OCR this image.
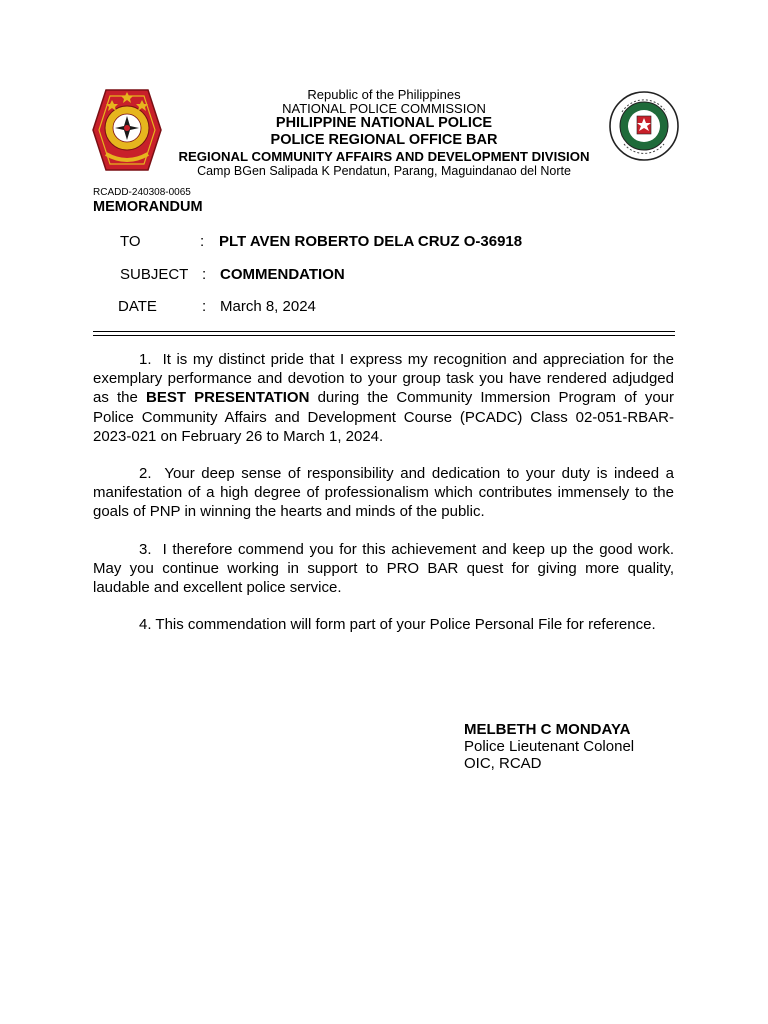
Republic of the Philippines
NATIONAL POLICE COMMISSION
PHILIPPINE NATIONAL POLICE
POLICE REGIONAL OFFICE BAR
REGIONAL COMMUNITY AFFAIRS AND DEVELOPMENT DIVISION
Camp BGen Salipada K Pendatun, Parang, Maguindanao del Norte
RCADD-240308-0065
MEMORANDUM
TO	: PLT AVEN ROBERTO DELA CRUZ O-36918
SUBJECT : COMMENDATION
DATE	: March 8, 2024

1. It is my distinct pride that I express my recognition and appreciation for the exemplary performance and devotion to your group task you have rendered adjudged as the BEST PRESENTATION during the Community Immersion Program of your Police Community Affairs and Development Course (PCADC) Class 02-051-RBAR-2023-021 on February 26 to March 1, 2024.

2. Your deep sense of responsibility and dedication to your duty is indeed a manifestation of a high degree of professionalism which contributes immensely to the goals of PNP in winning the hearts and minds of the public.

3. I therefore commend you for this achievement and keep up the good work. May you continue working in support to PRO BAR quest for giving more quality, laudable and excellent police service.

4. This commendation will form part of your Police Personal File for reference.

MELBETH C MONDAYA
Police Lieutenant Colonel
OIC, RCAD
